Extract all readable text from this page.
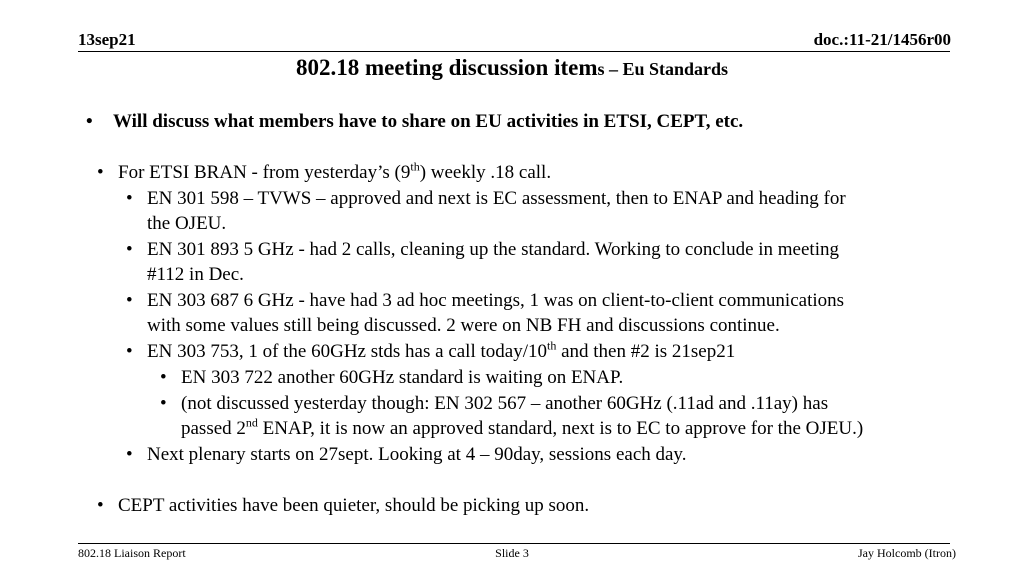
13sep21	doc.:11-21/1456r00
802.18 meeting discussion items – Eu Standards
• Will discuss what members have to share on EU activities in ETSI, CEPT, etc.
• For ETSI BRAN - from yesterday’s (9th) weekly .18 call.
• EN 301 598 – TVWS – approved and next is EC assessment, then to ENAP and heading for
the OJEU.
• EN 301 893 5 GHz - had 2 calls, cleaning up the standard. Working to conclude in meeting
#112 in Dec.
• EN 303 687 6 GHz - have had 3 ad hoc meetings, 1 was on client-to-client communications
with some values still being discussed. 2 were on NB FH and discussions continue.
• EN 303 753, 1 of the 60GHz stds has a call today/10th and then #2 is 21sep21
• EN 303 722 another 60GHz standard is waiting on ENAP.
• (not discussed yesterday though: EN 302 567 – another 60GHz (.11ad and .11ay) has
passed 2nd ENAP, it is now an approved standard, next is to EC to approve for the OJEU.)
• Next plenary starts on 27sept. Looking at 4 – 90day, sessions each day.
• CEPT activities have been quieter, should be picking up soon.
802.18 Liaison Report	Slide 3	Jay Holcomb (Itron)
